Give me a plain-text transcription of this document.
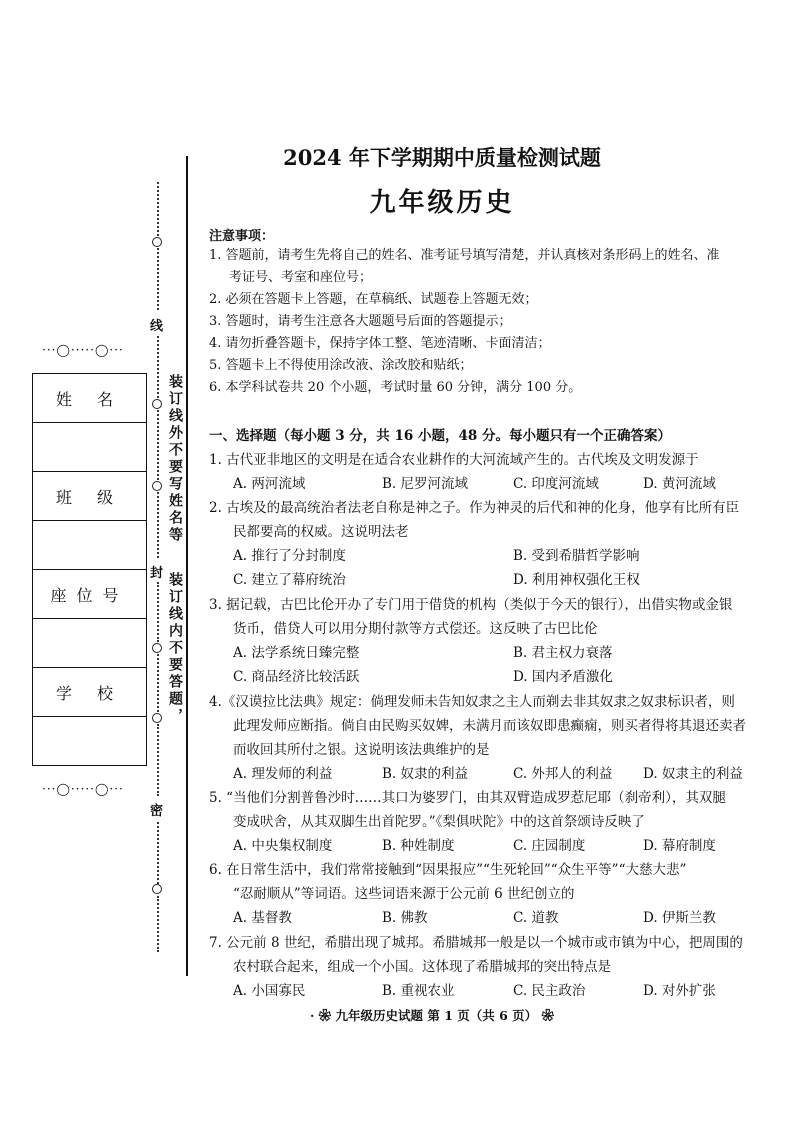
2024 年下学期期中质量检测试题
九年级历史
注意事项：
1. 答题前，请考生先将自己的姓名、准考证号填写清楚，并认真核对条形码上的姓名、准
考证号、考室和座位号；
2. 必须在答题卡上答题，在草稿纸、试题卷上答题无效；
3. 答题时，请考生注意各大题题号后面的答题提示；
4. 请勿折叠答题卡，保持字体工整、笔迹清晰、卡面清洁；
5. 答题卡上不得使用涂改液、涂改胶和贴纸；
6. 本学科试卷共 20 个小题，考试时量 60 分钟，满分 100 分。
一、选择题（每小题 3 分，共 16 小题，48 分。每小题只有一个正确答案）
1. 古代亚非地区的文明是在适合农业耕作的大河流域产生的。古代埃及文明发源于
A. 两河流域	B. 尼罗河流域	C. 印度河流域	D. 黄河流域
2. 古埃及的最高统治者法老自称是神之子。作为神灵的后代和神的化身，他享有比所有臣
民都要高的权威。这说明法老
A. 推行了分封制度	B. 受到希腊哲学影响
C. 建立了幕府统治	D. 利用神权强化王权
3. 据记载，古巴比伦开办了专门用于借贷的机构（类似于今天的银行），出借实物或金银
货币，借贷人可以用分期付款等方式偿还。这反映了古巴比伦
A. 法学系统日臻完整	B. 君主权力衰落
C. 商品经济比较活跃	D. 国内矛盾激化
4.《汉谟拉比法典》规定：倘理发师未告知奴隶之主人而剃去非其奴隶之奴隶标识者，则
此理发师应断指。倘自由民购买奴婢，未满月而该奴即患癫痫，则买者得将其退还卖者
而收回其所付之银。这说明该法典维护的是
A. 理发师的利益	B. 奴隶的利益	C. 外邦人的利益 D. 奴隶主的利益
5. “当他们分割普鲁沙时……其口为婆罗门，由其双臂造成罗惹尼耶（刹帝利），其双腿
变成吠舍，从其双脚生出首陀罗。”《梨俱吠陀》中的这首祭颂诗反映了
A. 中央集权制度	B. 种姓制度	C. 庄园制度	D. 幕府制度
6. 在日常生活中，我们常常接触到“因果报应”“生死轮回”“众生平等”“大慈大悲”
“忍耐顺从”等词语。这些词语来源于公元前 6 世纪创立的
A. 基督教	B. 佛教	C. 道教	D. 伊斯兰教
7. 公元前 8 世纪，希腊出现了城邦。希腊城邦一般是以一个城市或市镇为中心，把周围的
农村联合起来，组成一个小国。这体现了希腊城邦的突出特点是
A. 小国寡民	B. 重视农业	C. 民主政治	D. 对外扩张
· ❀ 九年级历史试题 第 1 页（共 6 页） ❀
线
封
密
装订线外不要写姓名等
装订线内不要答题，
···◯·····◯···
···◯·····◯···
姓 名
班 级
座位号
学 校
